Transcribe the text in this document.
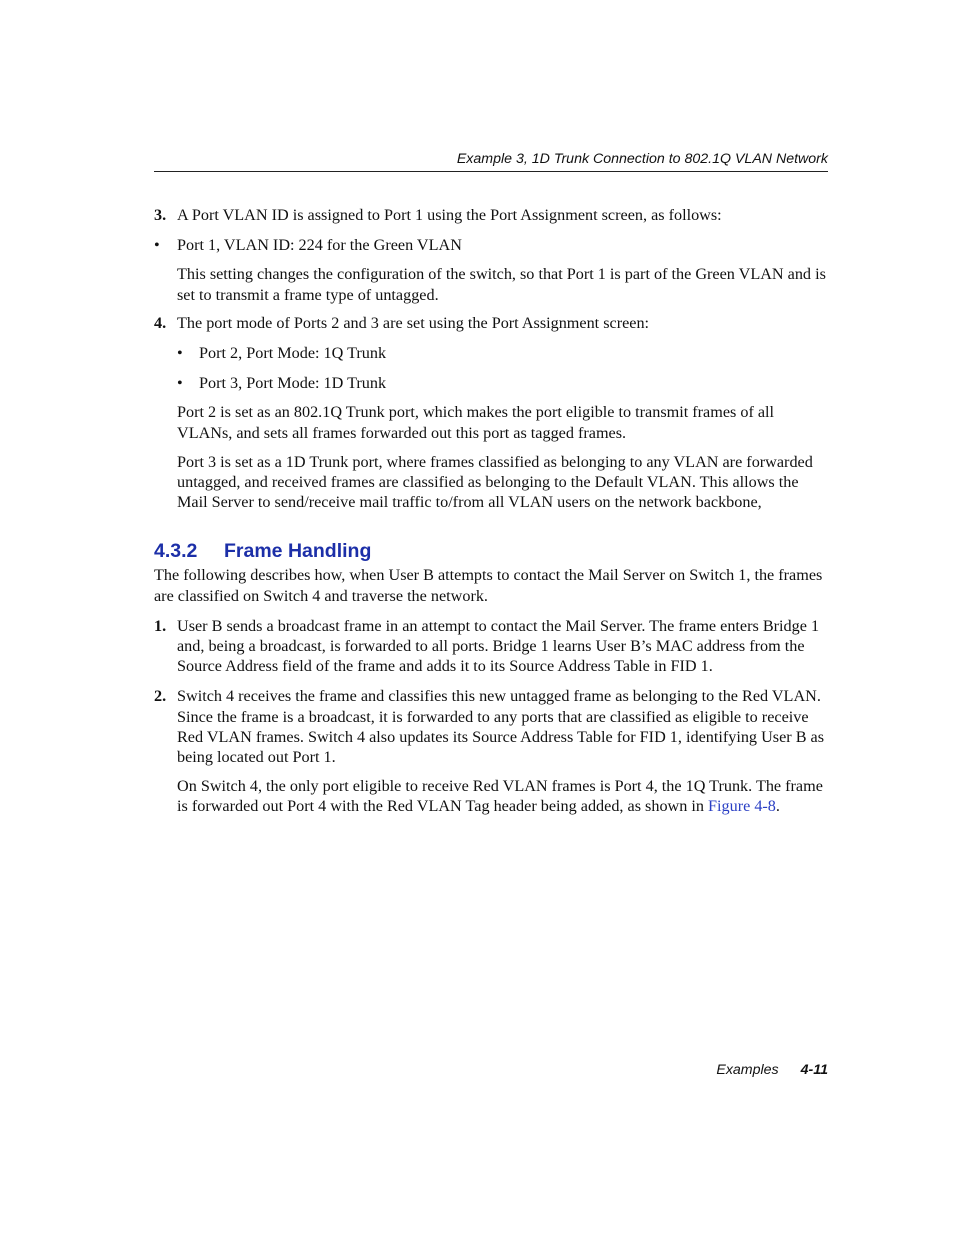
Example 3, 1D Trunk Connection to 802.1Q VLAN Network
3. A Port VLAN ID is assigned to Port 1 using the Port Assignment screen, as follows:
• Port 1, VLAN ID: 224 for the Green VLAN
This setting changes the configuration of the switch, so that Port 1 is part of the Green VLAN and is set to transmit a frame type of untagged.
4. The port mode of Ports 2 and 3 are set using the Port Assignment screen:
• Port 2, Port Mode: 1Q Trunk
• Port 3, Port Mode: 1D Trunk
Port 2 is set as an 802.1Q Trunk port, which makes the port eligible to transmit frames of all VLANs, and sets all frames forwarded out this port as tagged frames.
Port 3 is set as a 1D Trunk port, where frames classified as belonging to any VLAN are forwarded untagged, and received frames are classified as belonging to the Default VLAN. This allows the Mail Server to send/receive mail traffic to/from all VLAN users on the network backbone,
4.3.2 Frame Handling
The following describes how, when User B attempts to contact the Mail Server on Switch 1, the frames are classified on Switch 4 and traverse the network.
1. User B sends a broadcast frame in an attempt to contact the Mail Server. The frame enters Bridge 1 and, being a broadcast, is forwarded to all ports. Bridge 1 learns User B’s MAC address from the Source Address field of the frame and adds it to its Source Address Table in FID 1.
2. Switch 4 receives the frame and classifies this new untagged frame as belonging to the Red VLAN. Since the frame is a broadcast, it is forwarded to any ports that are classified as eligible to receive Red VLAN frames. Switch 4 also updates its Source Address Table for FID 1, identifying User B as being located out Port 1.
On Switch 4, the only port eligible to receive Red VLAN frames is Port 4, the 1Q Trunk. The frame is forwarded out Port 4 with the Red VLAN Tag header being added, as shown in Figure 4-8.
Examples 4-11
